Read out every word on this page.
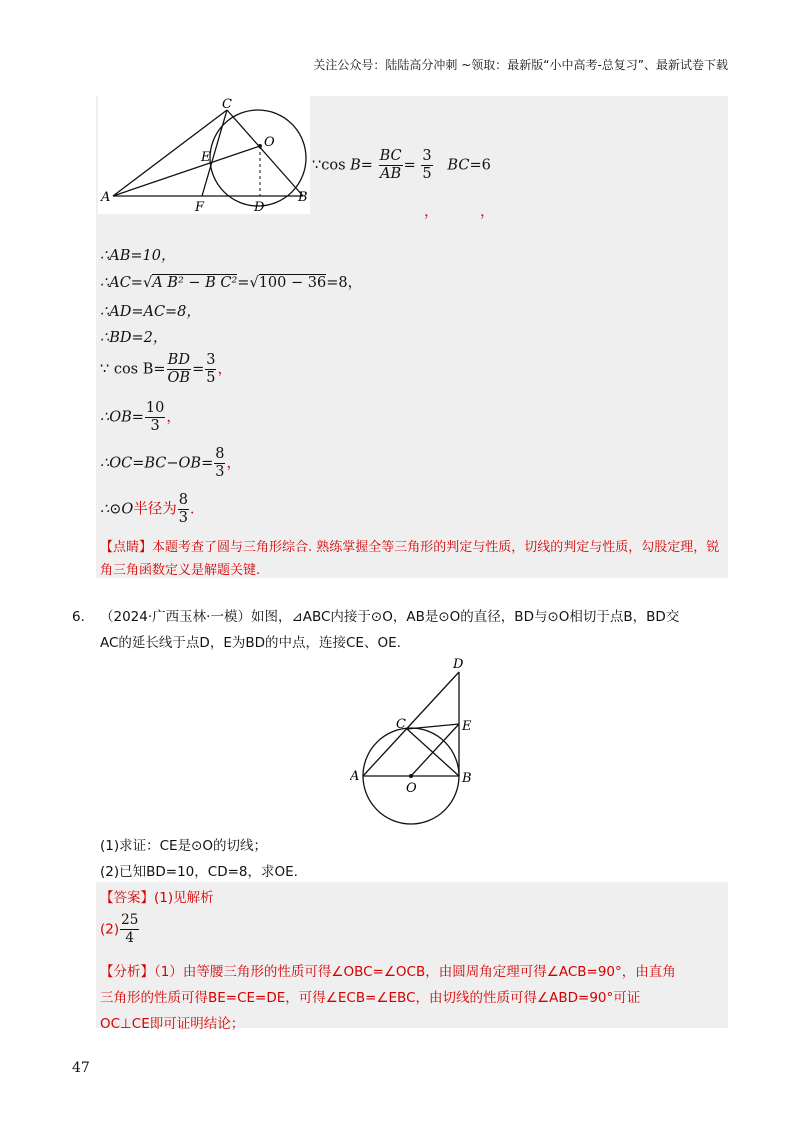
关注公众号：陆陆高分冲刺 ~领取：最新版“小中高考-总复习”、最新试卷下载
C
O
E
A
F	D
B
∵cos $B= \frac{BC}{AB} = \frac{3}{5} BC=6$
，	，
∴AB=10，
∴AC=√A B² − B C²=√100 − 36=8，
∴AD=AC=8，
∴BD=2，
∵ $\cos B= \frac{BD}{OB} = \frac{3}{5}$ ，
∴OB= $\frac{10}{3}$ ，
∴OC=BC−OB= $\frac{8}{3}$ ，
∴⊙O半径为 $\frac{8}{3}$ ．
【点睛】本题考查了圆与三角形综合. 熟练掌握全等三角形的判定与性质，切线的判定与性质，勾股定理，锐角三角函数定义是解题关键.
6． （2024·广西玉林·一模）如图，⊿ABC内接于⊙O，AB是⊙O的直径，BD与⊙O相切于点B，BD交
AC的延长线于点D，E为BD的中点，连接CE、OE.
D
C	E
A	B
O
(1)求证：CE是⊙O的切线；
(2)已知BD=10，CD=8，求OE.
【答案】(1)见解析
$(2) \frac{25}{4}$
【分析】（1）由等腰三角形的性质可得∠OBC=∠OCB，由圆周角定理可得∠ACB=90°，由直角
三角形的性质可得BE=CE=DE，可得∠ECB=∠EBC，由切线的性质可得∠ABD=90°可证
OC⊥CE即可证明结论；
47
